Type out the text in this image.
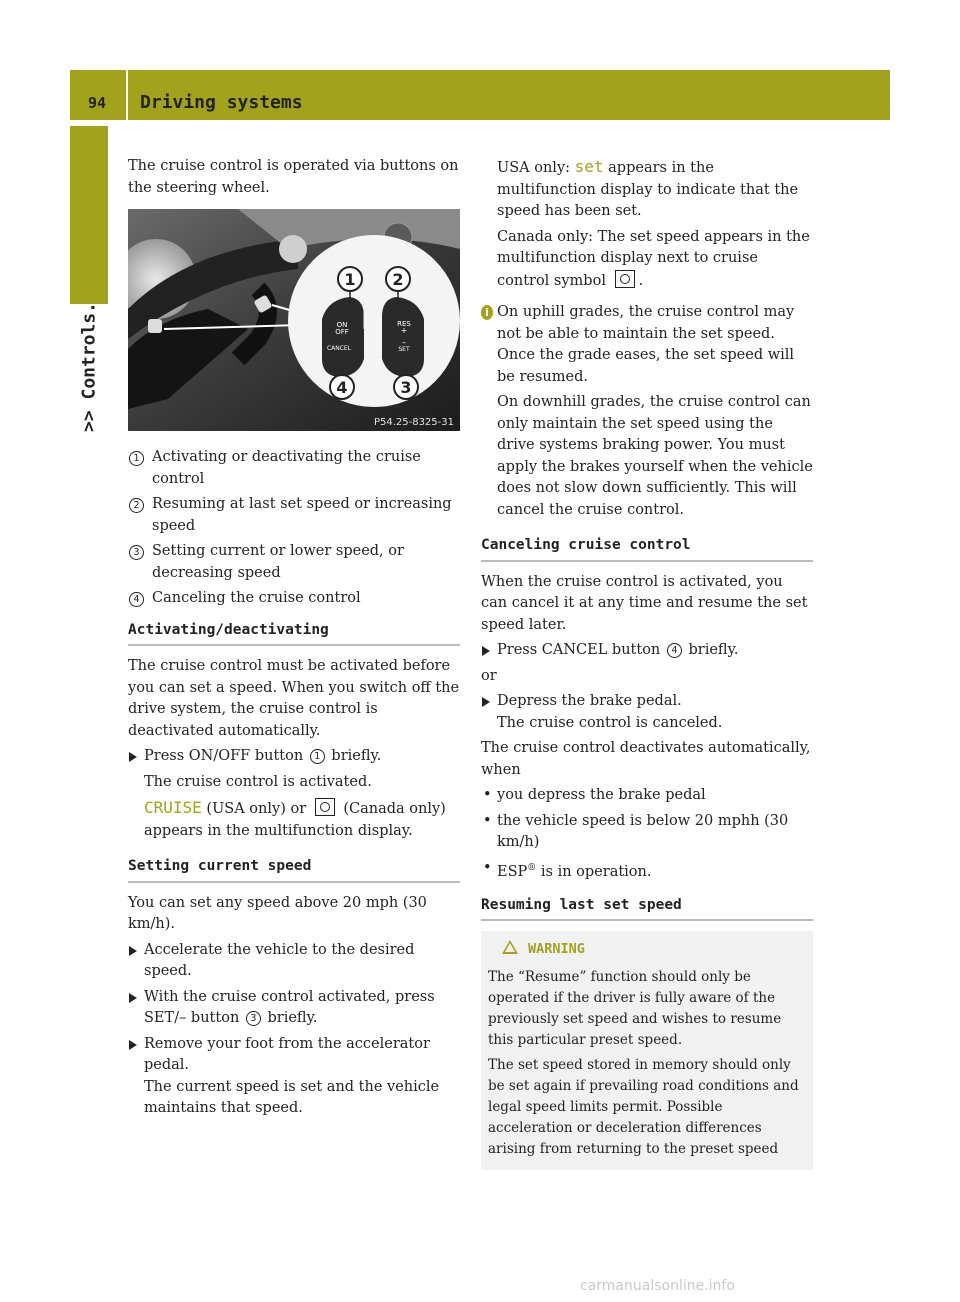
94 Driving systems
>> Controls.

The cruise control is operated via buttons on the steering wheel.

ON
OFF
CANCEL
RES
+
–
SET
1 2
3
4
P54.25-8325-31
1 Activating or deactivating the cruise control
2 Resuming at last set speed or increasing speed
3 Setting current or lower speed, or decreasing speed
4 Canceling the cruise control
Activating/deactivating

The cruise control must be activated before you can set a speed. When you switch off the drive system, the cruise control is deactivated automatically.

Press ON/OFF button 1 briefly.

The cruise control is activated.

CRUISE (USA only) or	(Canada only) appears in the multifunction display.

Setting current speed

You can set any speed above 20 mph (30 km/h).

Accelerate the vehicle to the desired speed.
With the cruise control activated, press SET/– button 3 briefly.
Remove your foot from the accelerator pedal.
The current speed is set and the vehicle maintains that speed.

USA only: set appears in the multifunction display to indicate that the speed has been set.

Canada only: The set speed appears in the multifunction display next to cruise control symbol .

i On uphill grades, the cruise control may not be able to maintain the set speed. Once the grade eases, the set speed will be resumed.

On downhill grades, the cruise control can only maintain the set speed using the drive systems braking power. You must apply the brakes yourself when the vehicle does not slow down sufficiently. This will cancel the cruise control.

Canceling cruise control

When the cruise control is activated, you can cancel it at any time and resume the set speed later.

Press CANCEL button 4 briefly.

or

Depress the brake pedal.
The cruise control is canceled.

The cruise control deactivates automatically, when

• you depress the brake pedal
• the vehicle speed is below 20 mphh (30 km/h)
• ESP® is in operation.
Resuming last set speed
WARNING

The “Resume” function should only be operated if the driver is fully aware of the previously set speed and wishes to resume this particular preset speed.

The set speed stored in memory should only be set again if prevailing road conditions and legal speed limits permit. Possible acceleration or deceleration differences arising from returning to the preset speed

carmanualsonline.info
